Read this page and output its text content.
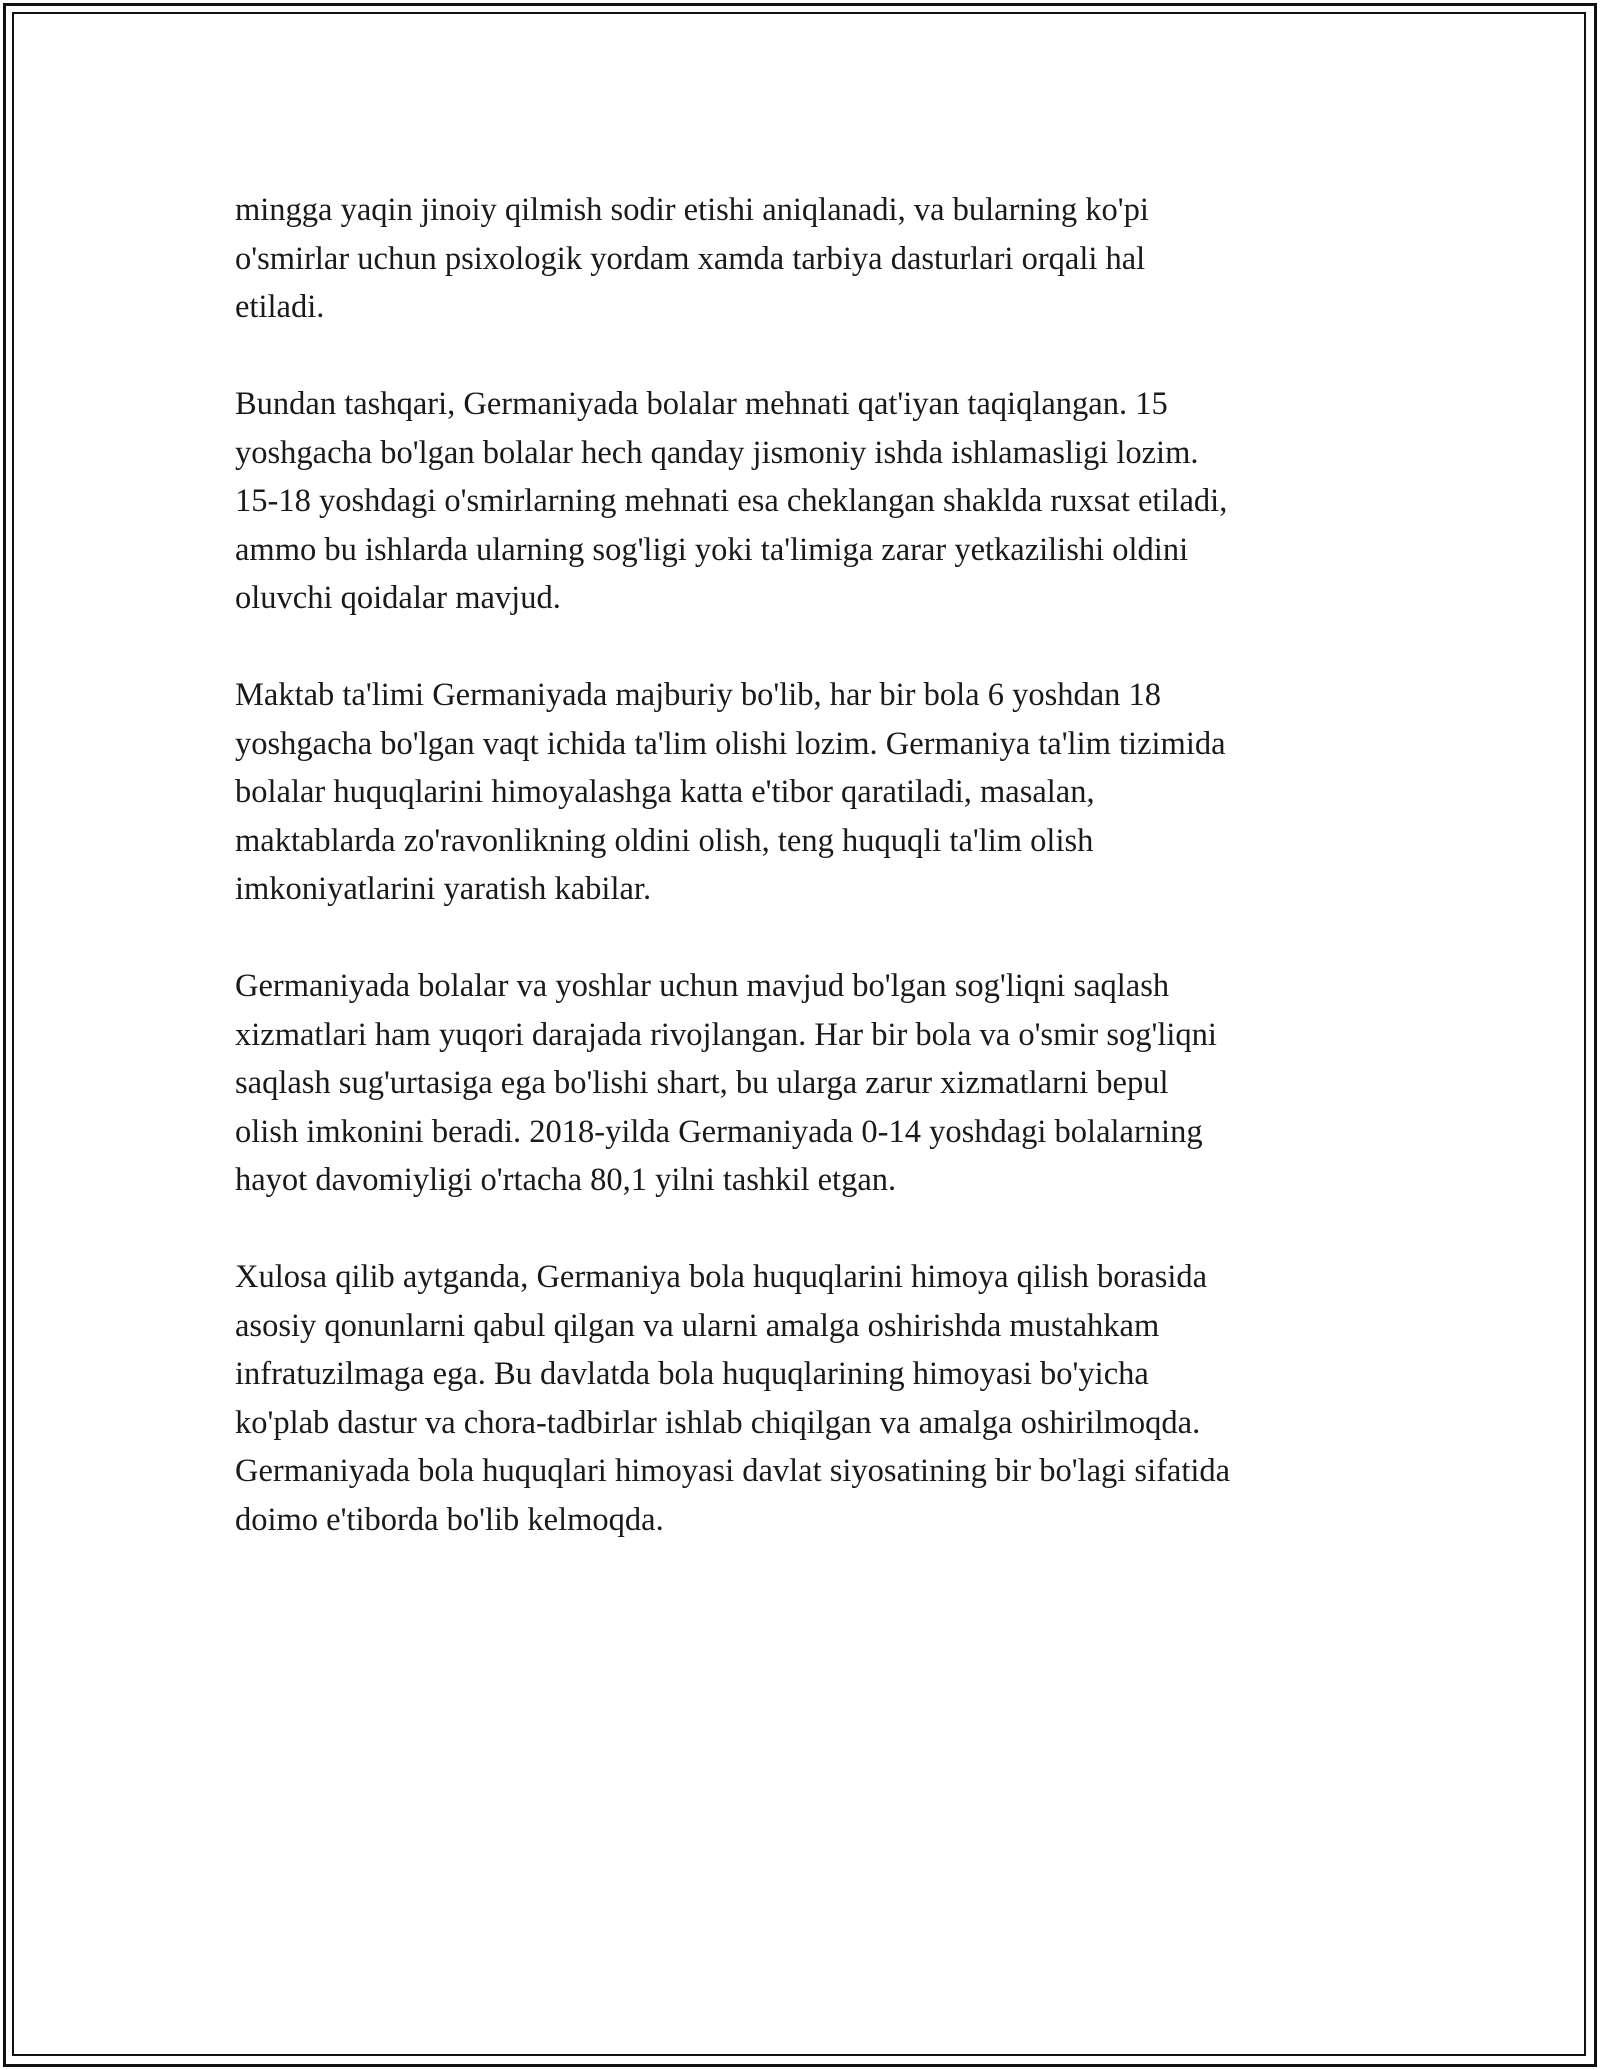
mingga yaqin jinoiy qilmish sodir etishi aniqlanadi, va bularning ko'pi
o'smirlar uchun psixologik yordam xamda tarbiya dasturlari orqali hal
etiladi.

Bundan tashqari, Germaniyada bolalar mehnati qat'iyan taqiqlangan. 15
yoshgacha bo'lgan bolalar hech qanday jismoniy ishda ishlamasligi lozim.
15-18 yoshdagi o'smirlarning mehnati esa cheklangan shaklda ruxsat etiladi,
ammo bu ishlarda ularning sog'ligi yoki ta'limiga zarar yetkazilishi oldini
oluvchi qoidalar mavjud.

Maktab ta'limi Germaniyada majburiy bo'lib, har bir bola 6 yoshdan 18
yoshgacha bo'lgan vaqt ichida ta'lim olishi lozim. Germaniya ta'lim tizimida
bolalar huquqlarini himoyalashga katta e'tibor qaratiladi, masalan,
maktablarda zo'ravonlikning oldini olish, teng huquqli ta'lim olish
imkoniyatlarini yaratish kabilar.

Germaniyada bolalar va yoshlar uchun mavjud bo'lgan sog'liqni saqlash
xizmatlari ham yuqori darajada rivojlangan. Har bir bola va o'smir sog'liqni
saqlash sug'urtasiga ega bo'lishi shart, bu ularga zarur xizmatlarni bepul
olish imkonini beradi. 2018-yilda Germaniyada 0-14 yoshdagi bolalarning
hayot davomiyligi o'rtacha 80,1 yilni tashkil etgan.

Xulosa qilib aytganda, Germaniya bola huquqlarini himoya qilish borasida
asosiy qonunlarni qabul qilgan va ularni amalga oshirishda mustahkam
infratuzilmaga ega. Bu davlatda bola huquqlarining himoyasi bo'yicha
ko'plab dastur va chora-tadbirlar ishlab chiqilgan va amalga oshirilmoqda.
Germaniyada bola huquqlari himoyasi davlat siyosatining bir bo'lagi sifatida
doimo e'tiborda bo'lib kelmoqda.
